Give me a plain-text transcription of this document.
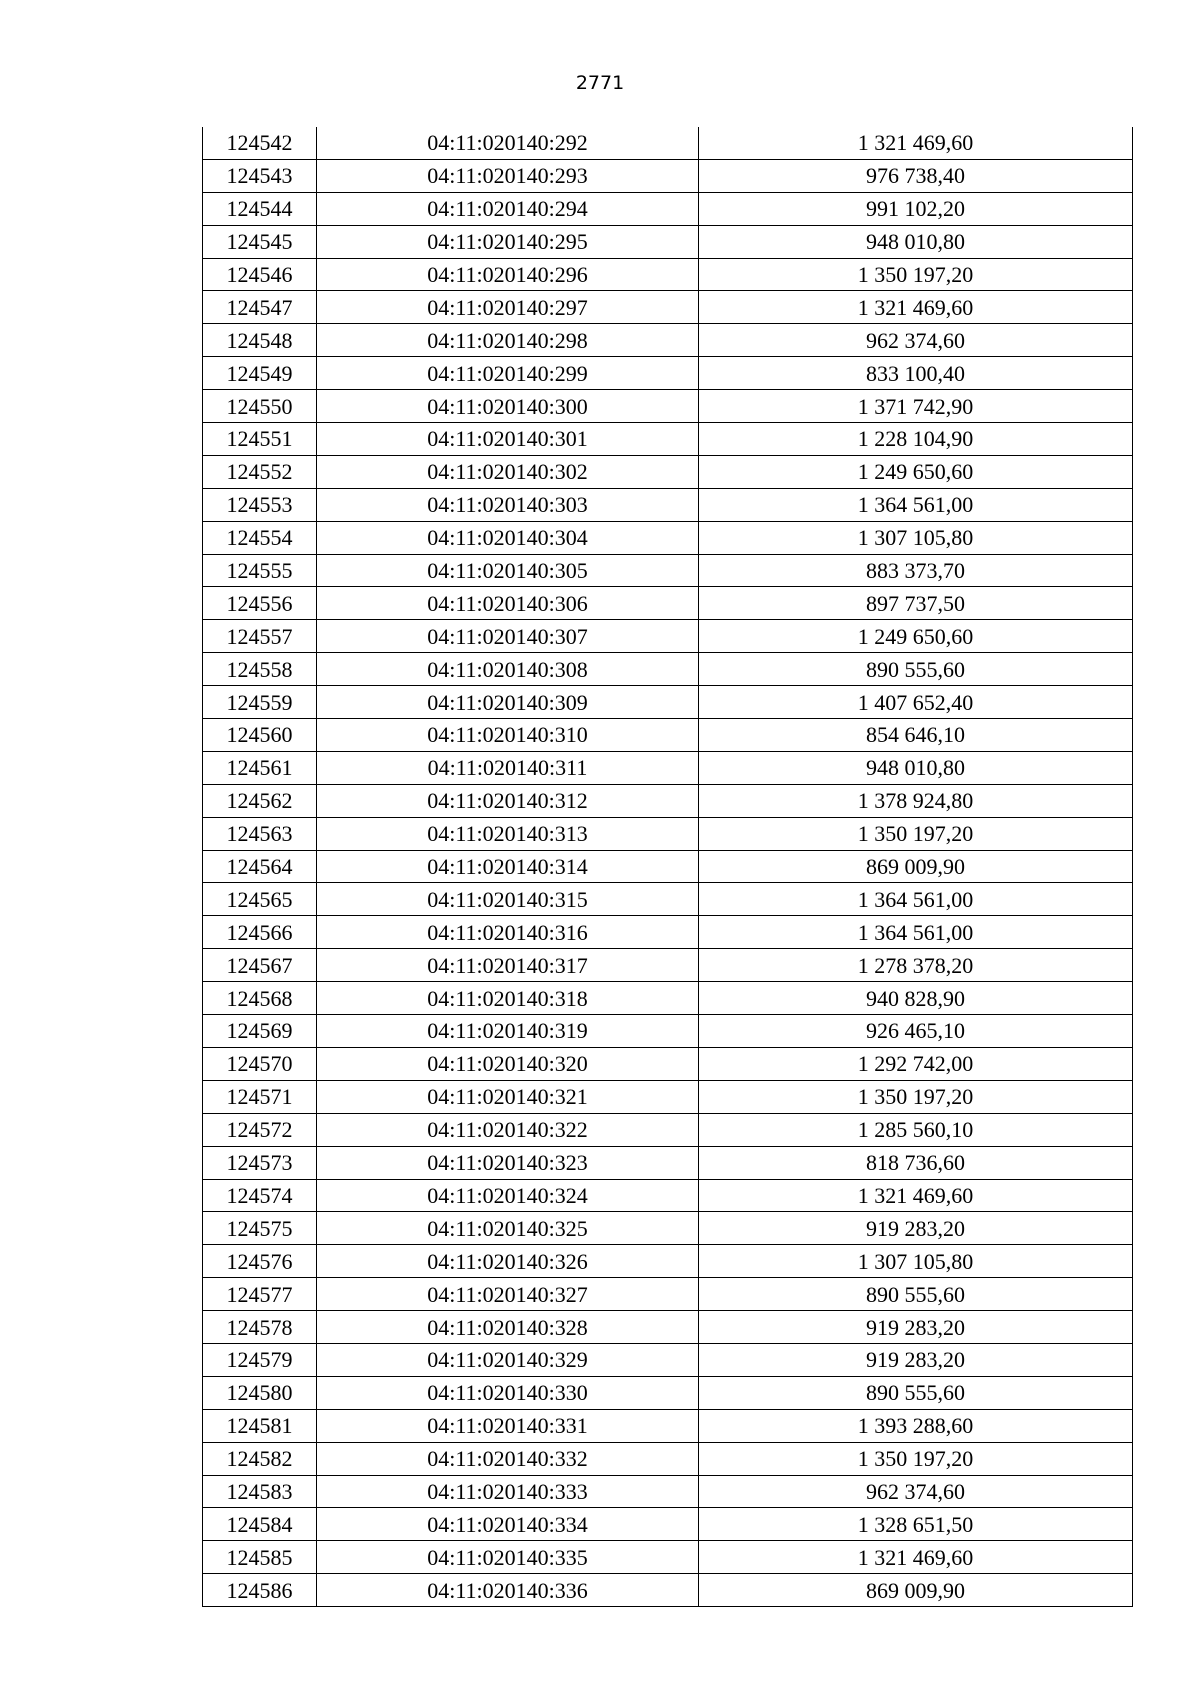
2771
124542	04:11:020140:292	1 321 469,60
124543	04:11:020140:293	976 738,40
124544	04:11:020140:294	991 102,20
124545	04:11:020140:295	948 010,80
124546	04:11:020140:296	1 350 197,20
124547	04:11:020140:297	1 321 469,60
124548	04:11:020140:298	962 374,60
124549	04:11:020140:299	833 100,40
124550	04:11:020140:300	1 371 742,90
124551	04:11:020140:301	1 228 104,90
124552	04:11:020140:302	1 249 650,60
124553	04:11:020140:303	1 364 561,00
124554	04:11:020140:304	1 307 105,80
124555	04:11:020140:305	883 373,70
124556	04:11:020140:306	897 737,50
124557	04:11:020140:307	1 249 650,60
124558	04:11:020140:308	890 555,60
124559	04:11:020140:309	1 407 652,40
124560	04:11:020140:310	854 646,10
124561	04:11:020140:311	948 010,80
124562	04:11:020140:312	1 378 924,80
124563	04:11:020140:313	1 350 197,20
124564	04:11:020140:314	869 009,90
124565	04:11:020140:315	1 364 561,00
124566	04:11:020140:316	1 364 561,00
124567	04:11:020140:317	1 278 378,20
124568	04:11:020140:318	940 828,90
124569	04:11:020140:319	926 465,10
124570	04:11:020140:320	1 292 742,00
124571	04:11:020140:321	1 350 197,20
124572	04:11:020140:322	1 285 560,10
124573	04:11:020140:323	818 736,60
124574	04:11:020140:324	1 321 469,60
124575	04:11:020140:325	919 283,20
124576	04:11:020140:326	1 307 105,80
124577	04:11:020140:327	890 555,60
124578	04:11:020140:328	919 283,20
124579	04:11:020140:329	919 283,20
124580	04:11:020140:330	890 555,60
124581	04:11:020140:331	1 393 288,60
124582	04:11:020140:332	1 350 197,20
124583	04:11:020140:333	962 374,60
124584	04:11:020140:334	1 328 651,50
124585	04:11:020140:335	1 321 469,60
124586	04:11:020140:336	869 009,90
